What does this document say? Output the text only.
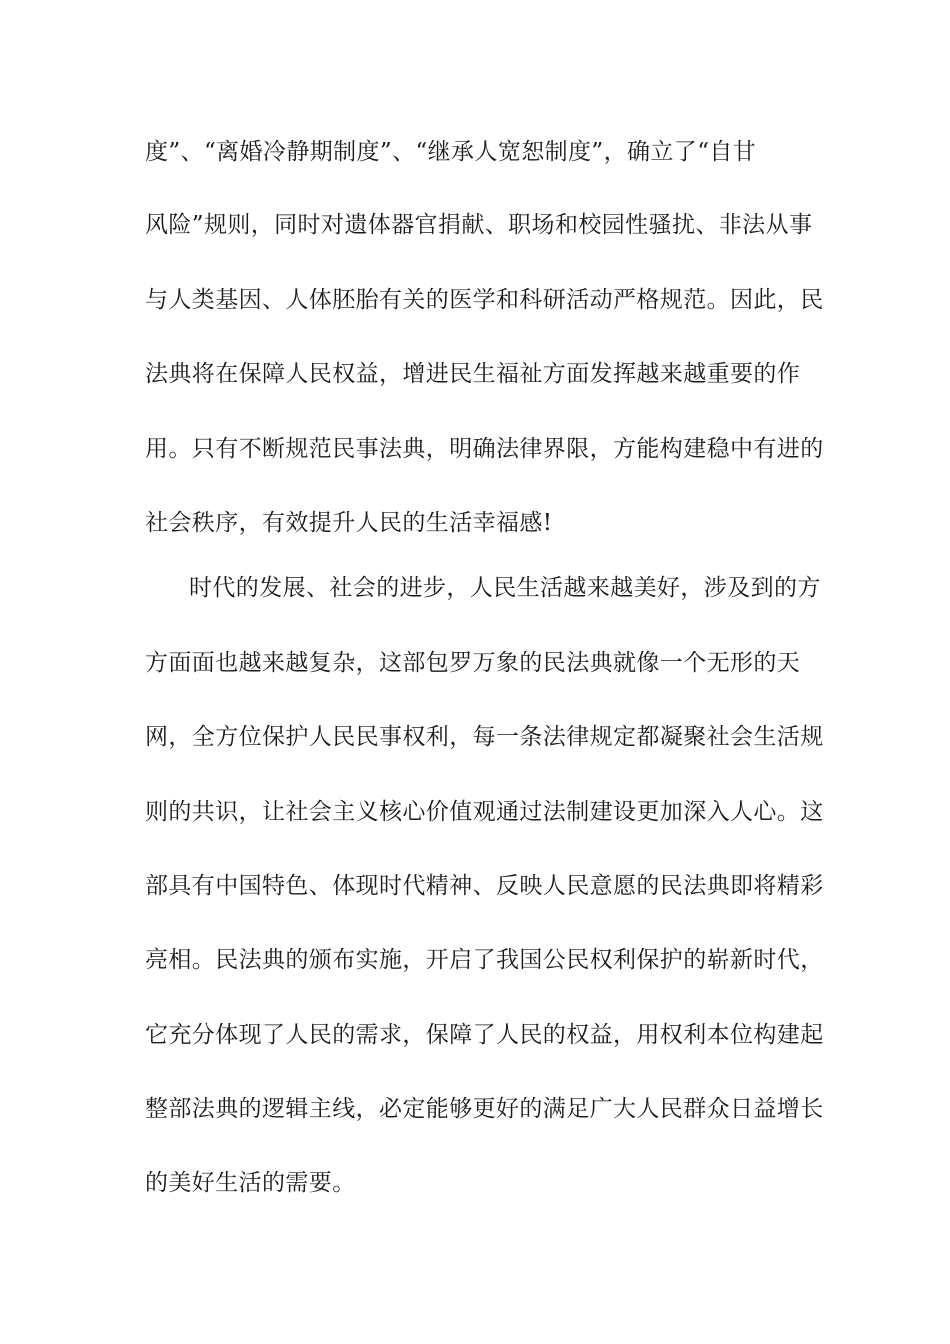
度”、“离婚冷静期制度”、“继承人宽恕制度”，确立了“自甘
风险”规则，同时对遗体器官捐献、职场和校园性骚扰、非法从事
与人类基因、人体胚胎有关的医学和科研活动严格规范。因此，民
法典将在保障人民权益，增进民生福祉方面发挥越来越重要的作
用。只有不断规范民事法典，明确法律界限，方能构建稳中有进的
社会秩序，有效提升人民的生活幸福感!
时代的发展、社会的进步，人民生活越来越美好，涉及到的方
方面面也越来越复杂，这部包罗万象的民法典就像一个无形的天
网，全方位保护人民民事权利，每一条法律规定都凝聚社会生活规
则的共识，让社会主义核心价值观通过法制建设更加深入人心。这
部具有中国特色、体现时代精神、反映人民意愿的民法典即将精彩
亮相。民法典的颁布实施，开启了我国公民权利保护的崭新时代，
它充分体现了人民的需求，保障了人民的权益，用权利本位构建起
整部法典的逻辑主线，必定能够更好的满足广大人民群众日益增长
的美好生活的需要。
